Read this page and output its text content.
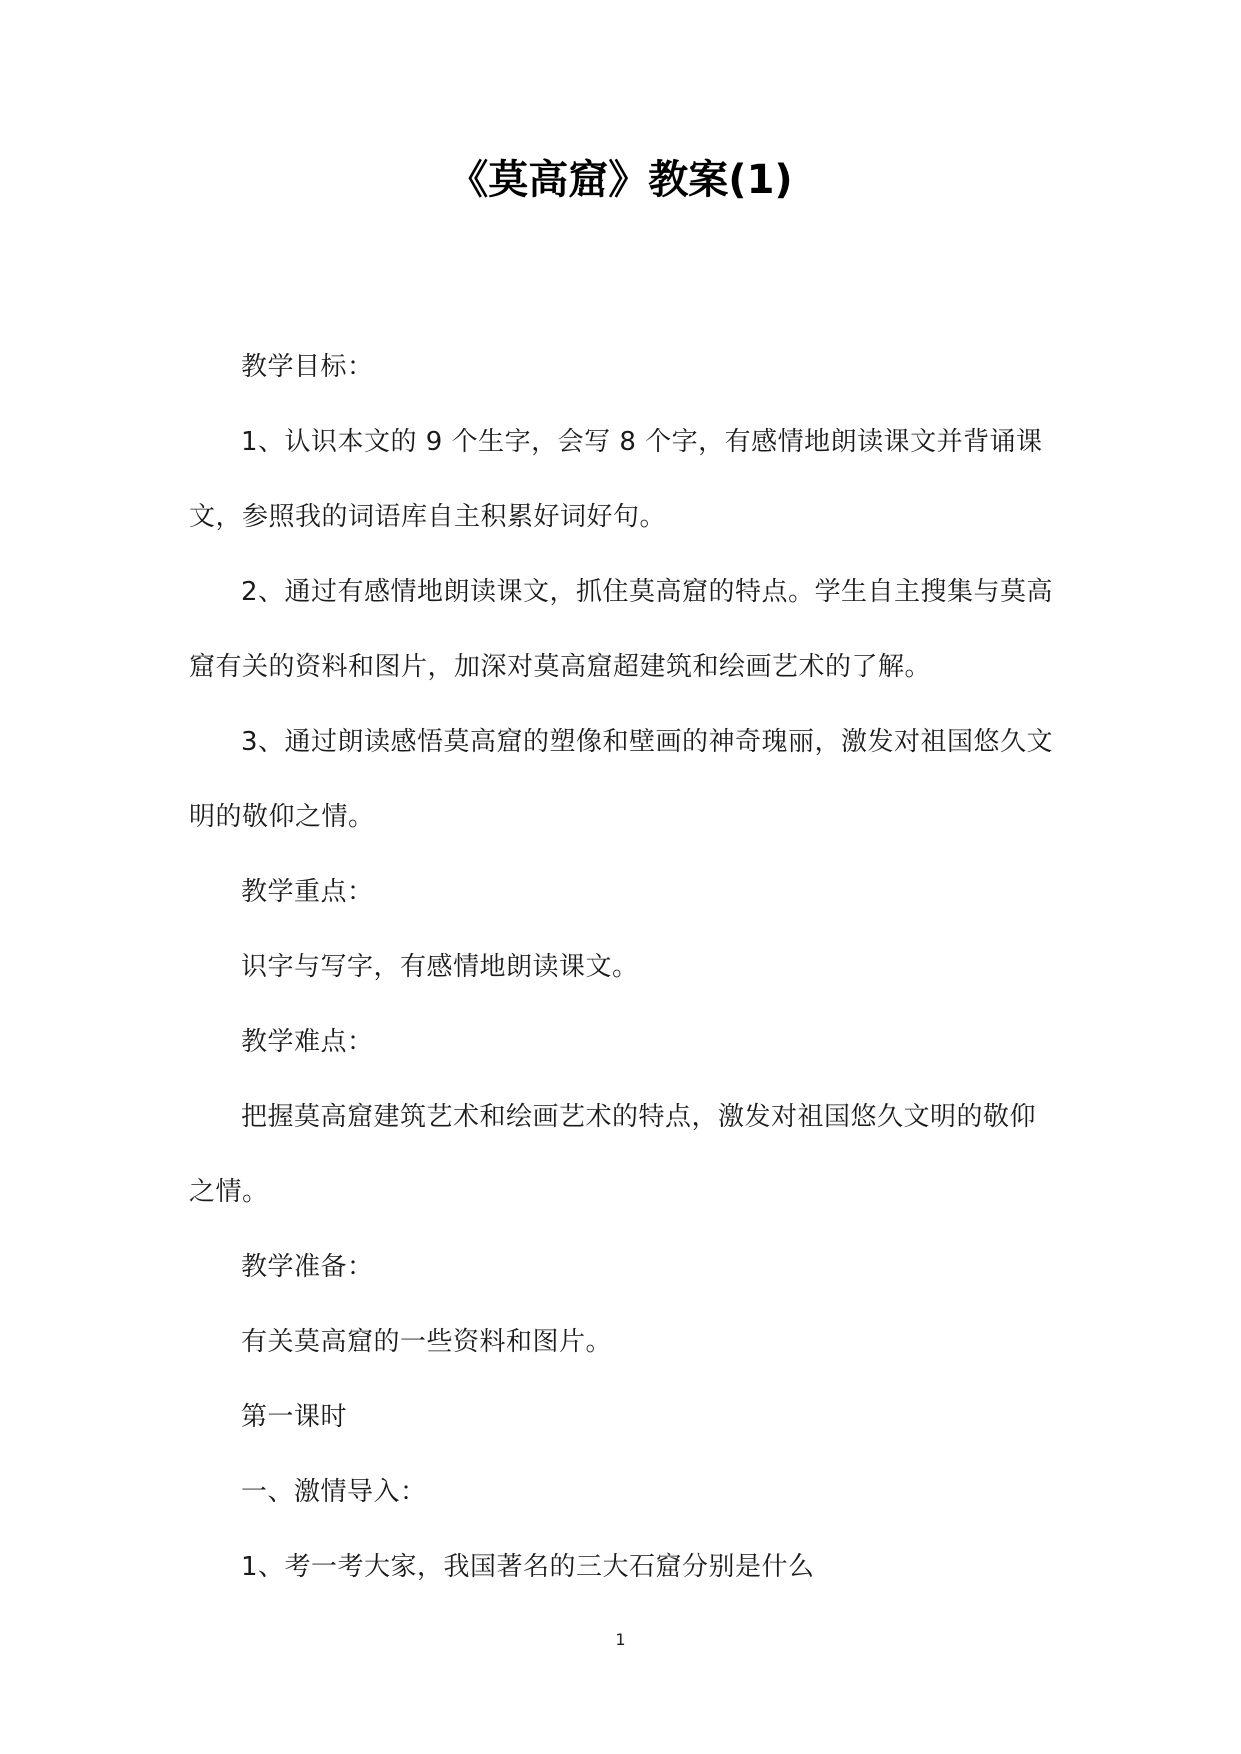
《莫高窟》教案(1)

教学目标：

1、认识本文的 9 个生字，会写 8 个字，有感情地朗读课文并背诵课文，参照我的词语库自主积累好词好句。

2、通过有感情地朗读课文，抓住莫高窟的特点。学生自主搜集与莫高窟有关的资料和图片，加深对莫高窟超建筑和绘画艺术的了解。

3、通过朗读感悟莫高窟的塑像和壁画的神奇瑰丽，激发对祖国悠久文明的敬仰之情。

教学重点：

识字与写字，有感情地朗读课文。

教学难点：

把握莫高窟建筑艺术和绘画艺术的特点，激发对祖国悠久文明的敬仰之情。

教学准备：

有关莫高窟的一些资料和图片。

第一课时

一、激情导入：

1、考一考大家，我国著名的三大石窟分别是什么

1
